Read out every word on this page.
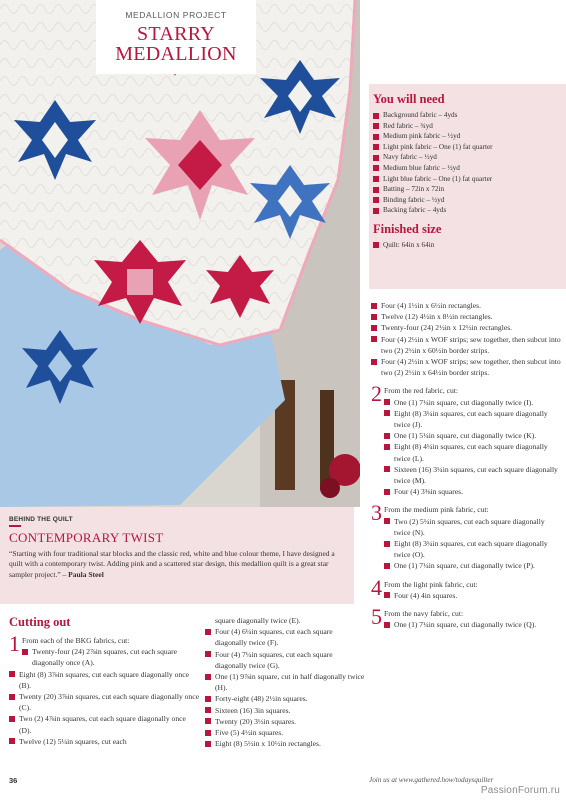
MEDALLION PROJECT
STARRY
MEDALLION
You will need
Background fabric – 4yds
Red fabric – ¾yd
Medium pink fabric – ½yd
Light pink fabric – One (1) fat quarter
Navy fabric – ½yd
Medium blue fabric – ½yd
Light blue fabric – One (1) fat quarter
Batting – 72in x 72in
Binding fabric – ½yd
Backing fabric – 4yds
Finished size
Quilt: 64in x 64in
Four (4) 1½in x 6½in rectangles.
Twelve (12) 4½in x 8½in rectangles.
Twenty-four (24) 2½in x 12½in rectangles.
Four (4) 2½in x WOF strips; sew together, then subcut into two (2) 2½in x 60½in border strips.
Four (4) 2½in x WOF strips; sew together, then subcut into two (2) 2½in x 64½in border strips.
2 From the red fabric, cut:
One (1) 7¼in square, cut diagonally twice (I).
Eight (8) 3¼in squares, cut each square diagonally twice (J).
One (1) 5¼in square, cut diagonally twice (K).
Eight (8) 4¼in squares, cut each square diagonally twice (L).
Sixteen (16) 3¼in squares, cut each square diagonally twice (M).
Four (4) 3⅜in squares.
3 From the medium pink fabric, cut:
Two (2) 5¼in squares, cut each square diagonally twice (N).
Eight (8) 3¼in squares, cut each square diagonally twice (O).
One (1) 7¼in square, cut diagonally twice (P).
4 From the light pink fabric, cut:
Four (4) 4in squares.
5 From the navy fabric, cut:
One (1) 7¼in square, cut diagonally twice (Q).
BEHIND THE QUILT
CONTEMPORARY TWIST

“Starting with four traditional star blocks and the classic red, white and blue colour theme, I have designed a quilt with a contemporary twist. Adding pink and a scattered star design, this medallion quilt is a great star sampler project.” – Paula Steel

Cutting out
1 From each of the BKG fabrics, cut:
Twenty-four (24) 2⅞in squares, cut each square diagonally once (A).
Eight (8) 3⅞in squares, cut each square diagonally once (B).
Twenty (20) 3⅞in squares, cut each square diagonally once (C).
Two (2) 4⅞in squares, cut each square diagonally once (D).
Twelve (12) 5¼in squares, cut each
square diagonally twice (E).
Four (4) 6¼in squares, cut each square diagonally twice (F).
Four (4) 7¼in squares, cut each square diagonally twice (G).
One (1) 9⅞in square, cut in half diagonally twice (H).
Forty-eight (48) 2½in squares.
Sixteen (16) 3in squares.
Twenty (20) 3½in squares.
Five (5) 4½in squares.
Eight (8) 5½in x 10½in rectangles.
36	Join us at www.gathered.how/todaysquilter
PassionForum.ru
